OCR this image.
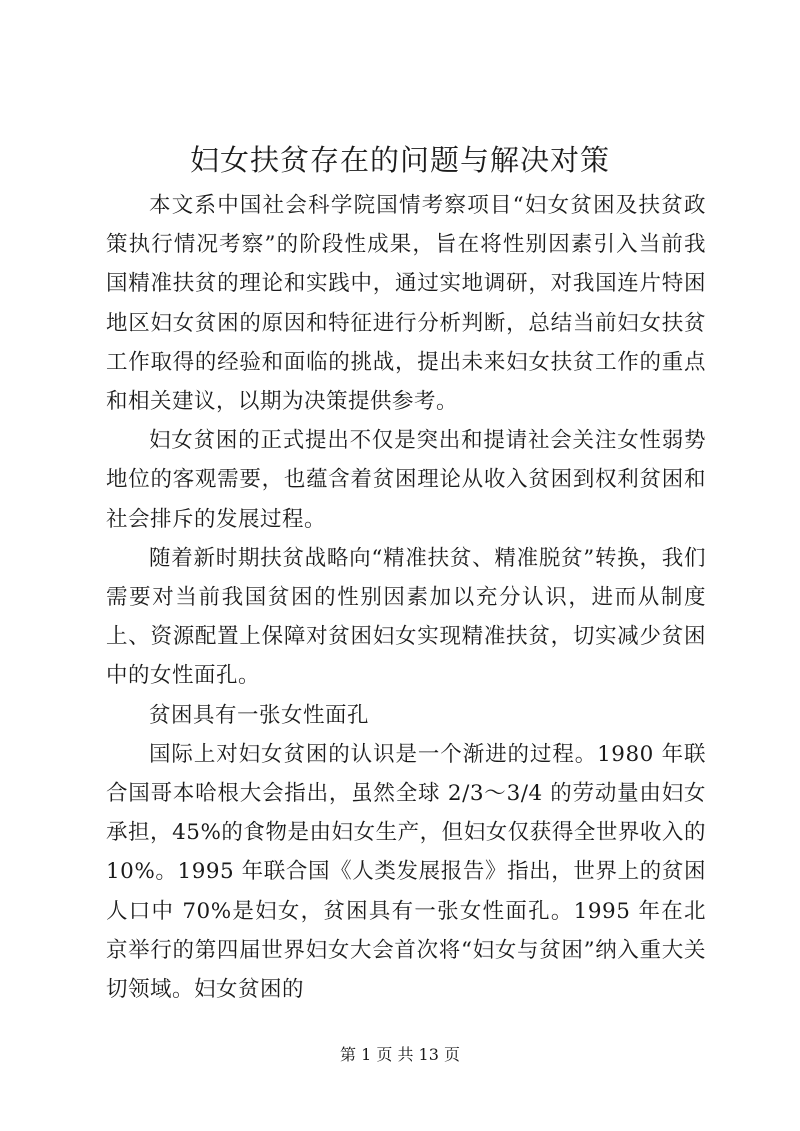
妇女扶贫存在的问题与解决对策

本文系中国社会科学院国情考察项目“妇女贫困及扶贫政策执行情况考察”的阶段性成果，旨在将性别因素引入当前我国精准扶贫的理论和实践中，通过实地调研，对我国连片特困地区妇女贫困的原因和特征进行分析判断，总结当前妇女扶贫工作取得的经验和面临的挑战，提出未来妇女扶贫工作的重点和相关建议，以期为决策提供参考。

妇女贫困的正式提出不仅是突出和提请社会关注女性弱势地位的客观需要，也蕴含着贫困理论从收入贫困到权利贫困和社会排斥的发展过程。

随着新时期扶贫战略向“精准扶贫、精准脱贫”转换，我们需要对当前我国贫困的性别因素加以充分认识，进而从制度上、资源配置上保障对贫困妇女实现精准扶贫，切实减少贫困中的女性面孔。

贫困具有一张女性面孔

国际上对妇女贫困的认识是一个渐进的过程。1980 年联合国哥本哈根大会指出，虽然全球 2/3～3/4 的劳动量由妇女承担，45%的食物是由妇女生产，但妇女仅获得全世界收入的 10%。1995 年联合国《人类发展报告》指出，世界上的贫困人口中 70%是妇女，贫困具有一张女性面孔。1995 年在北京举行的第四届世界妇女大会首次将“妇女与贫困”纳入重大关切领域。妇女贫困的

第 1 页 共 13 页
